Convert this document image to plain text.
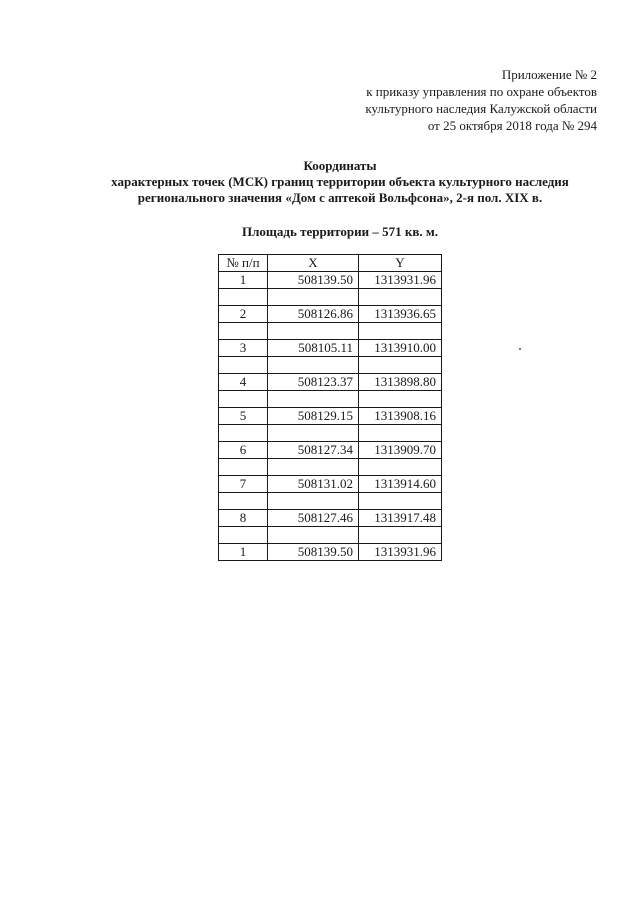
Приложение № 2
к приказу управления по охране объектов
культурного наследия Калужской области
от 25 октября 2018 года № 294
Координаты
характерных точек (МСК) границ территории объекта культурного наследия
регионального значения «Дом с аптекой Вольфсона», 2-я пол. XIX в.
Площадь территории – 571 кв. м.
№ п/п	X	Y
1	508139.50	1313931.96

2	508126.86	1313936.65

3	508105.11	1313910.00

4	508123.37	1313898.80

5	508129.15	1313908.16

6	508127.34	1313909.70

7	508131.02	1313914.60

8	508127.46	1313917.48

1	508139.50	1313931.96
